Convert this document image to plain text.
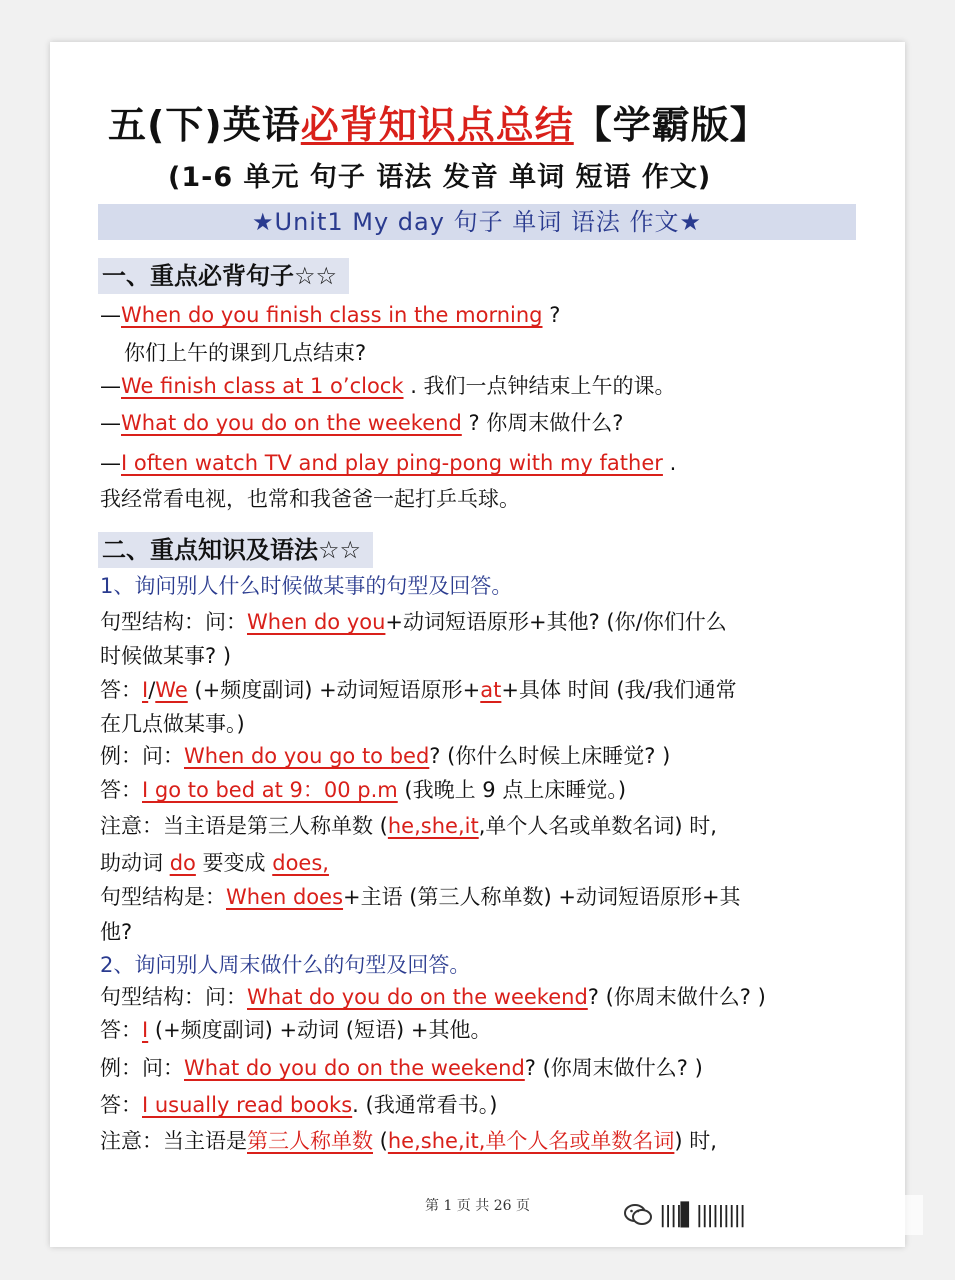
五(下)英语必背知识点总结【学霸版】
(1-6 单元 句子 语法 发音 单词 短语 作文)
★Unit1 My day 句子 单词 语法 作文★
一、重点必背句子☆☆
—When do you finish class in the morning ?
你们上午的课到几点结束?
—We finish class at 1 o’clock . 我们一点钟结束上午的课。
—What do you do on the weekend ? 你周末做什么?
—I often watch TV and play ping-pong with my father .
我经常看电视，也常和我爸爸一起打乒乓球。
二、重点知识及语法☆☆
1、询问别人什么时候做某事的句型及回答。
句型结构：问：When do you+动词短语原形+其他? (你/你们什么
时候做某事? )
答：I/We (+频度副词) +动词短语原形+at+具体 时间 (我/我们通常
在几点做某事。)
例：问：When do you go to bed? (你什么时候上床睡觉? )
答：I go to bed at 9：00 p.m (我晚上 9 点上床睡觉。)
注意：当主语是第三人称单数 (he,she,it,单个人名或单数名词) 时,
助动词 do 要变成 does,
句型结构是：When does+主语 (第三人称单数) +动词短语原形+其
他?
2、询问别人周末做什么的句型及回答。
句型结构：问：What do you do on the weekend? (你周末做什么? )
答：I (+频度副词) +动词 (短语) +其他。
例：问：What do you do on the weekend? (你周末做什么? )
答：I usually read books. (我通常看书。)
注意：当主语是第三人称单数 (he,she,it,单个人名或单数名词) 时,
第 1 页 共 26 页	||||▌|||||||||
